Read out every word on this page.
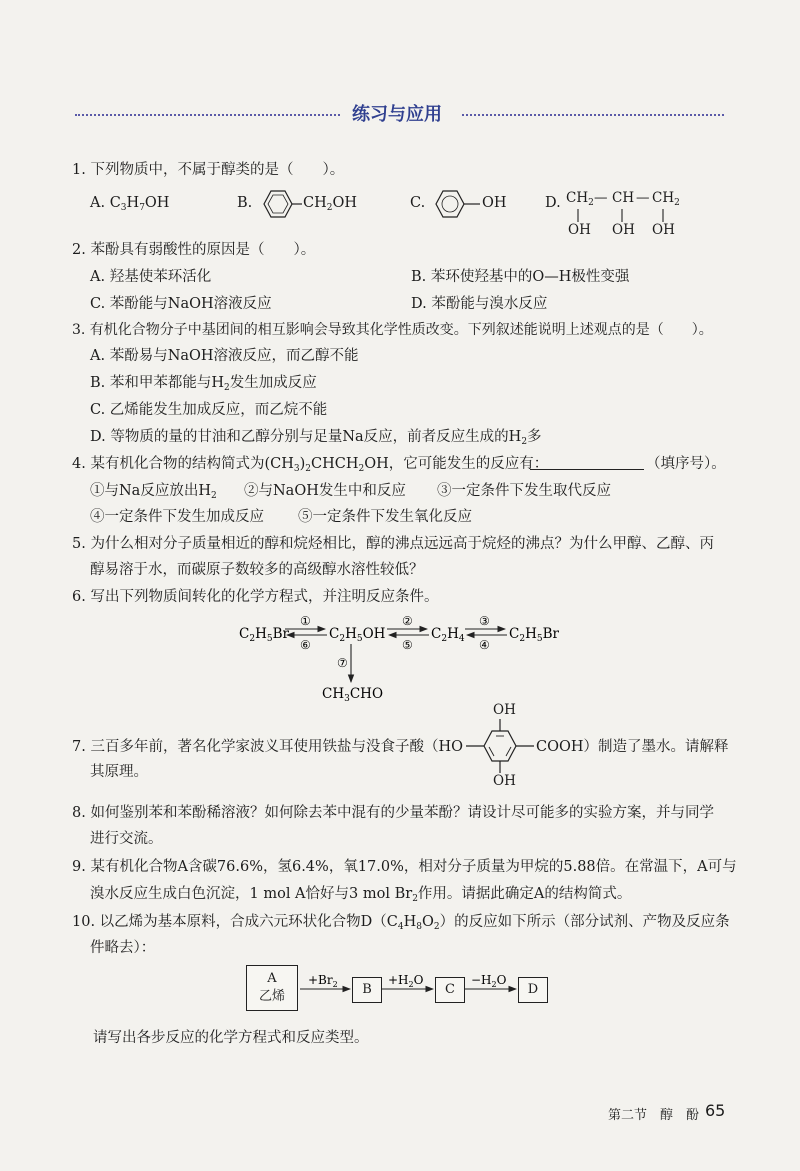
练习与应用
1. 下列物质中，不属于醇类的是（　　）。
A. $C_3H_7OH$	B.	$CH_2OH$	C.	OH	D. $CH_2$ — CH — $CH_2$
OH OH OH
2. 苯酚具有弱酸性的原因是（　　）。
A. 羟基使苯环活化	B. 苯环使羟基中的O—H极性变强
C. 苯酚能与NaOH溶液反应	D. 苯酚能与溴水反应
3. 有机化合物分子中基团间的相互影响会导致其化学性质改变。下列叙述能说明上述观点的是（　　）。
A. 苯酚易与NaOH溶液反应，而乙醇不能
B. 苯和甲苯都能与$H_2$发生加成反应
C. 乙烯能发生加成反应，而乙烷不能
D. 等物质的量的甘油和乙醇分别与足量Na反应，前者反应生成的$H_2$多
4. 某有机化合物的结构简式为$(CH_3)_2CHCH_2OH$，它可能发生的反应有：	（填序号）。
①与Na反应放出$H_2$ ②与NaOH发生中和反应 ③一定条件下发生取代反应
④一定条件下发生加成反应 ⑤一定条件下发生氧化反应
5. 为什么相对分子质量相近的醇和烷烃相比，醇的沸点远远高于烷烃的沸点？为什么甲醇、乙醇、丙
醇易溶于水，而碳原子数较多的高级醇水溶性较低？
6. 写出下列物质间转化的化学方程式，并注明反应条件。
$C_2H_5Br$
①
⑥
$C_2H_5OH$
②
⑤
$C_2H_4$
③
④
$C_2H_5Br$
⑦
$CH_3CHO$
OH
7. 三百多年前，著名化学家波义耳使用铁盐与没食子酸（HO	COOH）制造了墨水。请解释
其原理。
OH
8. 如何鉴别苯和苯酚稀溶液？如何除去苯中混有的少量苯酚？请设计尽可能多的实验方案，并与同学
进行交流。
9. 某有机化合物A含碳76.6%，氢6.4%，氧17.0%，相对分子质量为甲烷的5.88倍。在常温下，A可与
溴水反应生成白色沉淀，1 mol A恰好与3 mol $Br_2$作用。请据此确定A的结构简式。
10. 以乙烯为基本原料，合成六元环状化合物$D(C_4H_8O_2)$的反应如下所示（部分试剂、产物及反应条
件略去）：
A
乙烯	B	C	D
$+Br_2$	$+H_2O$	$-H_2O$
请写出各步反应的化学方程式和反应类型。
第二节　醇　酚 65
